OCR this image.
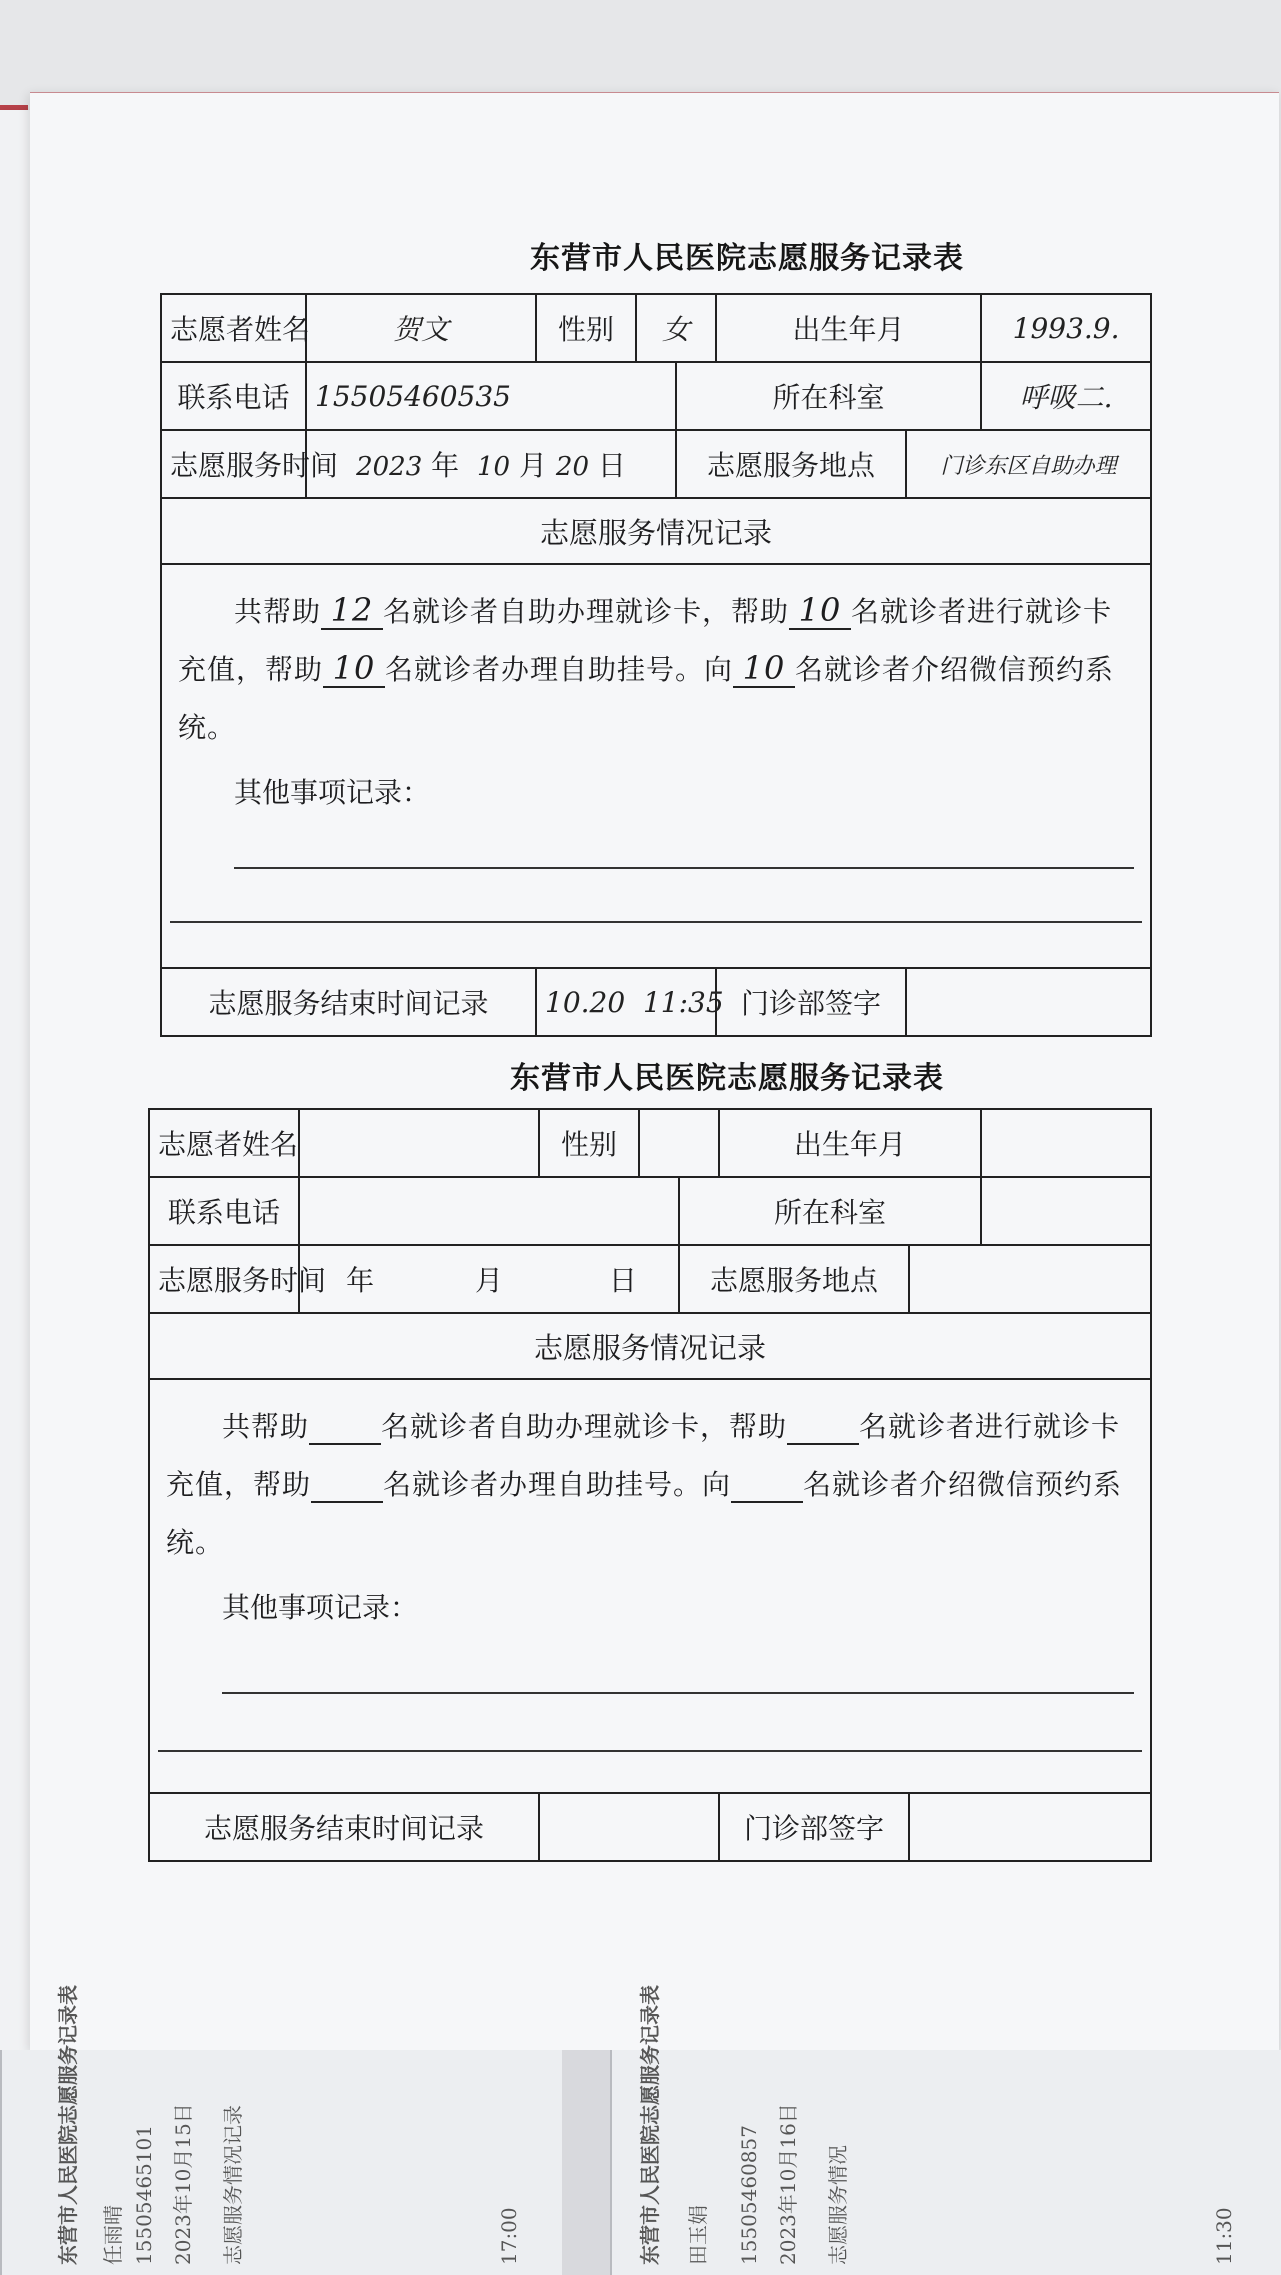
东营市人民医院志愿服务记录表
志愿者姓名	贺文	性别	女		出生年月		1993.9.
联系电话	15505460535			所在科室			呼吸二.
志愿服务时间	2023 年 10 月 20 日			志愿服务地点		门诊东区自助办理	
志愿服务情况记录							

共帮助 12 名就诊者自助办理就诊卡，帮助 10 名就诊者进行就诊卡充值，帮助 10 名就诊者办理自助挂号。向 10 名就诊者介绍微信预约系统。

其他事项记录：							

志愿服务结束时间记录		10.20  11:35			门诊部签字		
东营市人民医院志愿服务记录表
志愿者姓名		性别			出生年月		
联系电话				所在科室			
志愿服务时间	年 月 日			志愿服务地点			
志愿服务情况记录							

共帮助 名就诊者自助办理就诊卡，帮助 名就诊者进行就诊卡充值，帮助 名就诊者办理自助挂号。向 名就诊者介绍微信预约系统。

其他事项记录：							

志愿服务结束时间记录					门诊部签字		
东营市人民医院志愿服务记录表 任雨晴 15505465101 2023年10月15日 志愿服务情况记录	17:00	东营市人民医院志愿服务记录表 田玉娟 15505460857 2023年10月16日 志愿服务情况	11:30
